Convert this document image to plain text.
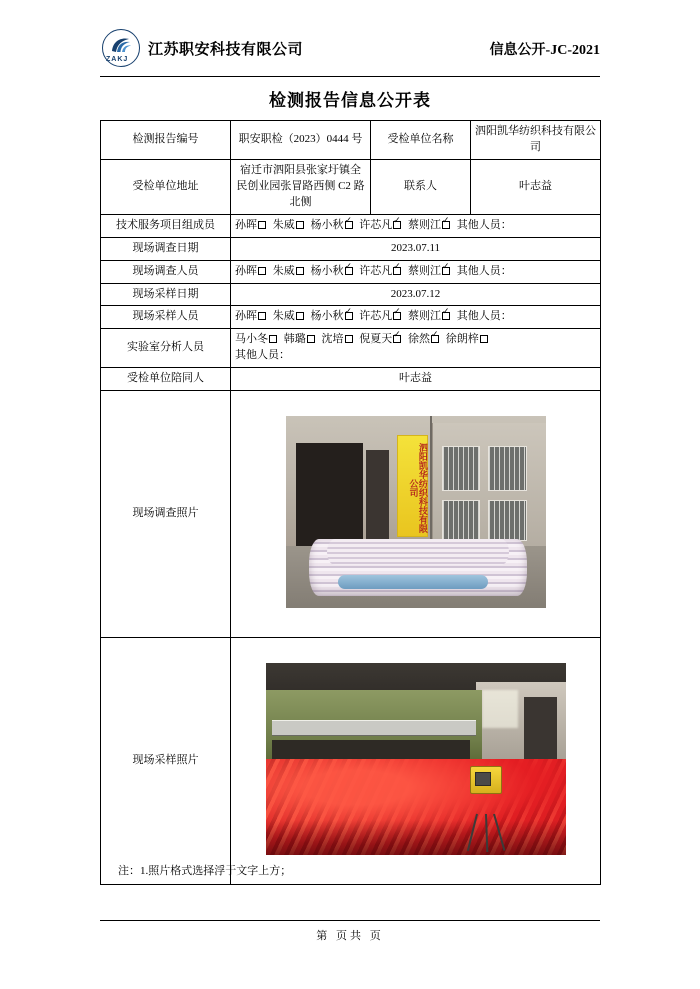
ZAKJ
江苏职安科技有限公司	信息公开-JC-2021
检测报告信息公开表
检测报告编号	职安职检（2023）0444 号	受检单位名称	泗阳凯华纺织科技有限公司
受检单位地址	宿迁市泗阳县张家圩镇全民创业园张冒路西侧 C2 路北侧	联系人	叶志益
技术服务项目组成员	孙晖 朱威 杨小秋 ✓ 许芯凡 ✓ 蔡则江 ✓ 其他人员：
现场调查日期	2023.07.11		
现场调查人员	孙晖 朱威 杨小秋 ✓ 许芯凡 ✓ 蔡则江 ✓ 其他人员：
现场采样日期	2023.07.12		
现场采样人员	孙晖 朱威 杨小秋 ✓ 许芯凡 ✓ 蔡则江 ✓ 其他人员：
实验室分析人员	马小冬 韩璐 沈培 倪夏天 ✓ 徐然 ✓ 徐朗梓
其他人员：

受检单位陪同人	叶志益		
现场调查照片	泗阳凯华纺织科技有限公司		

现场采样照片			
注：1.照片格式选择浮于文字上方；
第 页共 页
